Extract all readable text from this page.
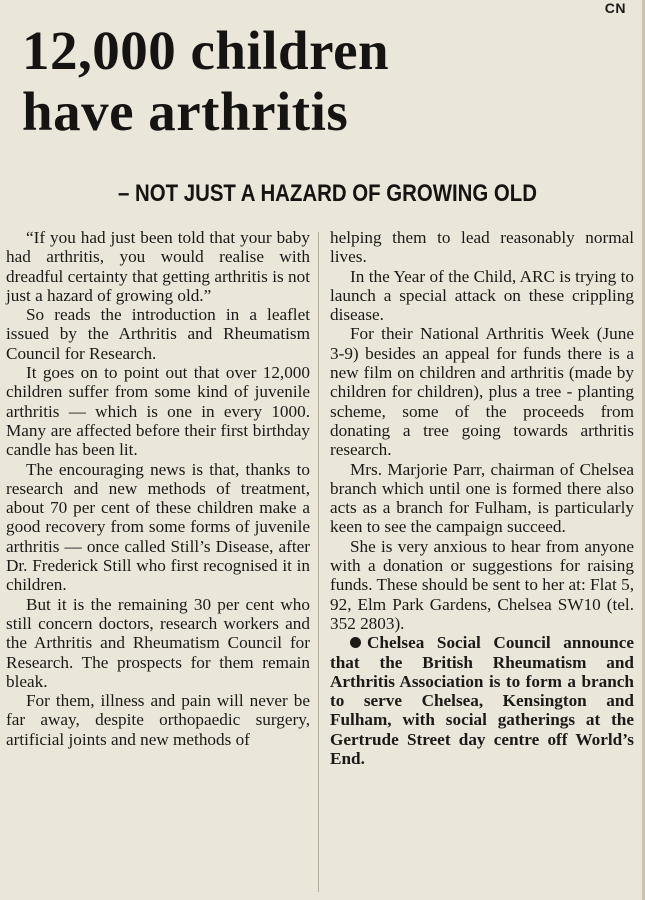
CN
12,000 children
have arthritis
– NOT JUST A HAZARD OF GROWING OLD

“If you had just been told that your baby had arthritis, you would realise with dreadful certainty that getting arthritis is not just a hazard of growing old.”

So reads the introduction in a leaflet issued by the Arthritis and Rheumatism Council for Research.

It goes on to point out that over 12,000 children suffer from some kind of juvenile arthritis — which is one in every 1000. Many are affected before their first birthday candle has been lit.

The encouraging news is that, thanks to research and new methods of treatment, about 70 per cent of these children make a good recovery from some forms of juvenile arthritis — once called Still’s Disease, after Dr. Frederick Still who first recognised it in children.

But it is the remaining 30 per cent who still concern doctors, research workers and the Arthritis and Rheumatism Council for Research. The prospects for them remain bleak.

For them, illness and pain will never be far away, despite orthopaedic surgery, artificial joints and new methods of

helping them to lead reasonably normal lives.

In the Year of the Child, ARC is trying to launch a special attack on these crippling disease.

For their National Arthritis Week (June 3-9) besides an appeal for funds there is a new film on children and arthritis (made by children for children), plus a tree - planting scheme, some of the proceeds from donating a tree going towards arthritis research.

Mrs. Marjorie Parr, chairman of Chelsea branch which until one is formed there also acts as a branch for Fulham, is particularly keen to see the campaign succeed.

She is very anxious to hear from anyone with a donation or suggestions for raising funds. These should be sent to her at: Flat 5, 92, Elm Park Gardens, Chelsea SW10 (tel. 352 2803).

Chelsea Social Council announce that the British Rheumatism and Arthritis Association is to form a branch to serve Chelsea, Kensington and Fulham, with social gatherings at the Gertrude Street day centre off World’s End.
